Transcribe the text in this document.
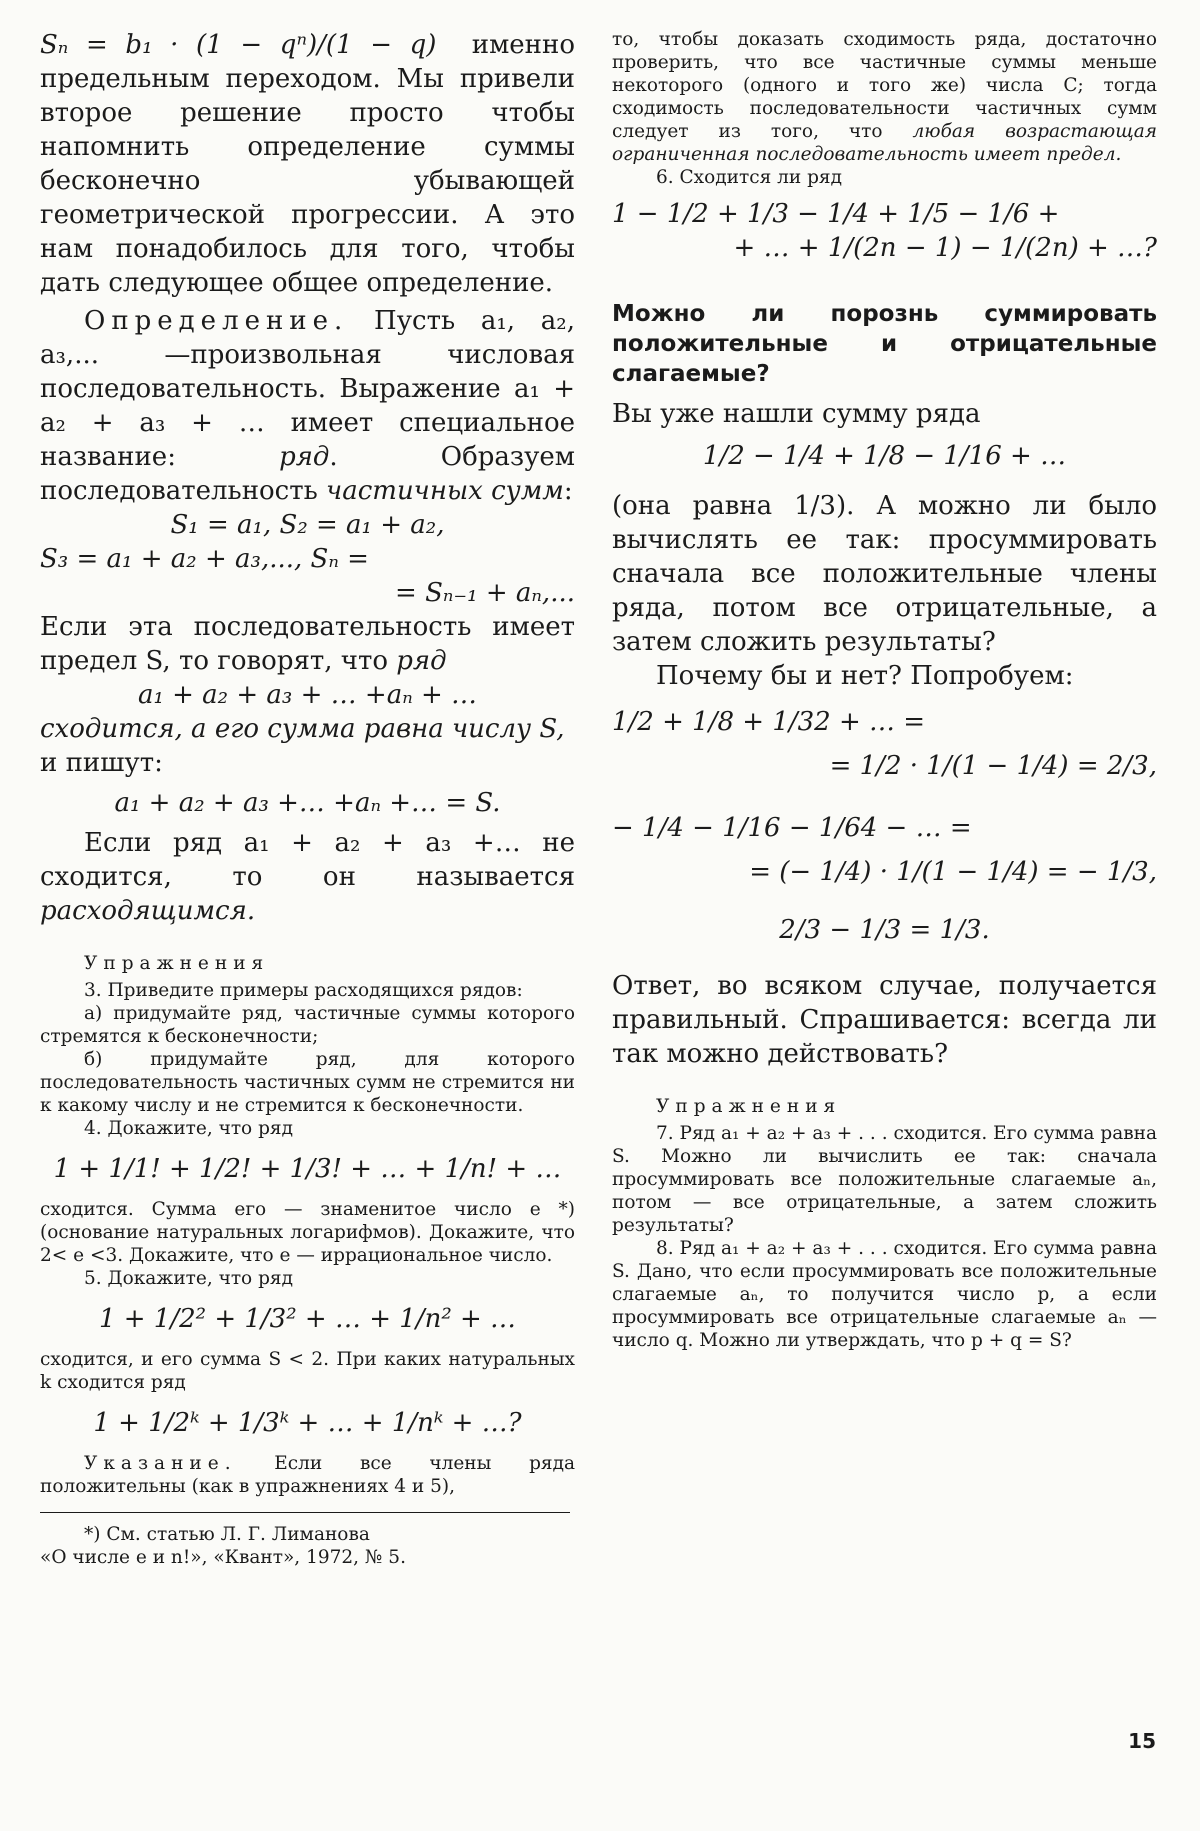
Sₙ = b₁ · (1 − qⁿ)/(1 − q) именно предельным переходом. Мы привели второе решение просто чтобы напомнить определение суммы бесконечно убывающей геометрической прогрессии. А это нам понадобилось для того, чтобы дать следующее общее определение.

Определение. Пусть a₁, a₂, a₃,... —произвольная числовая последовательность. Выражение a₁ + a₂ + a₃ + … имеет специальное название:	ряд. Образуем последовательность частичных сумм:

S₁ = a₁, S₂ = a₁ + a₂,

S₃ = a₁ + a₂ + a₃,..., Sₙ =

= Sₙ₋₁ + aₙ,...

Если эта последовательность имеет предел S, то говорят, что ряд

a₁ + a₂ + a₃ + … +aₙ + …

сходится, а его сумма равна числу S,
и пишут:

a₁ + a₂ + a₃ +… +aₙ +… = S.

Если ряд a₁ + a₂ + a₃ +… не сходится, то он называется расходящимся.

Упражнения

3. Приведите примеры расходящихся рядов:

а) придумайте ряд, частичные суммы которого стремятся к бесконечности;

б) придумайте ряд, для которого последовательность частичных сумм не стремится ни к какому числу и не стремится к бесконечности.

4. Докажите, что ряд

1 + 1/1! + 1/2! + 1/3! + … + 1/n! + …

сходится. Сумма его — знаменитое число e *) (основание натуральных логарифмов). Докажите, что 2< e <3. Докажите, что e — иррациональное число.

5. Докажите, что ряд

1 + 1/2² + 1/3² + … + 1/n² + …

сходится, и его сумма S < 2. При каких натуральных k сходится ряд

1 + 1/2ᵏ + 1/3ᵏ + … + 1/nᵏ + …?

Указание. Если все члены ряда положительны (как в упражнениях 4 и 5),

*) См. статью Л. Г. Лиманова

«О числе e и n!», «Квант», 1972, № 5.

то, чтобы доказать сходимость ряда, достаточно проверить, что все частичные суммы меньше некоторого (одного и того же) числа C; тогда сходимость последовательности частичных сумм следует из того, что любая возрастающая ограниченная последовательность имеет предел.

6. Сходится ли ряд

1 − 1/2 + 1/3 − 1/4 + 1/5 − 1/6 +

+ … + 1/(2n − 1) − 1/(2n) + …?

Можно ли порознь суммировать положительные и отрицательные слагаемые?

Вы уже нашли сумму ряда

1/2 − 1/4 + 1/8 − 1/16 + …

(она равна 1/3). А можно ли было вычислять ее так: просуммировать сначала все положительные члены ряда, потом все отрицательные, а затем сложить результаты?

Почему бы и нет? Попробуем:

1/2 + 1/8 + 1/32 + … =

= 1/2 · 1/(1 − 1/4) = 2/3,

− 1/4 − 1/16 − 1/64 − … =

= (− 1/4) · 1/(1 − 1/4) = − 1/3,

2/3 − 1/3 = 1/3.

Ответ, во всяком случае, получается правильный. Спрашивается: всегда ли так можно действовать?

Упражнения

7. Ряд a₁ + a₂ + a₃ + . . . сходится. Его сумма равна S. Можно ли вычислить ее так: сначала просуммировать все положительные слагаемые aₙ, потом — все отрицательные, а затем сложить результаты?

8. Ряд a₁ + a₂ + a₃ + . . . сходится. Его сумма равна S. Дано, что если просуммировать все положительные слагаемые aₙ, то получится число p, а если просуммировать все отрицательные слагаемые aₙ — число q. Можно ли утверждать, что p + q = S?

15
